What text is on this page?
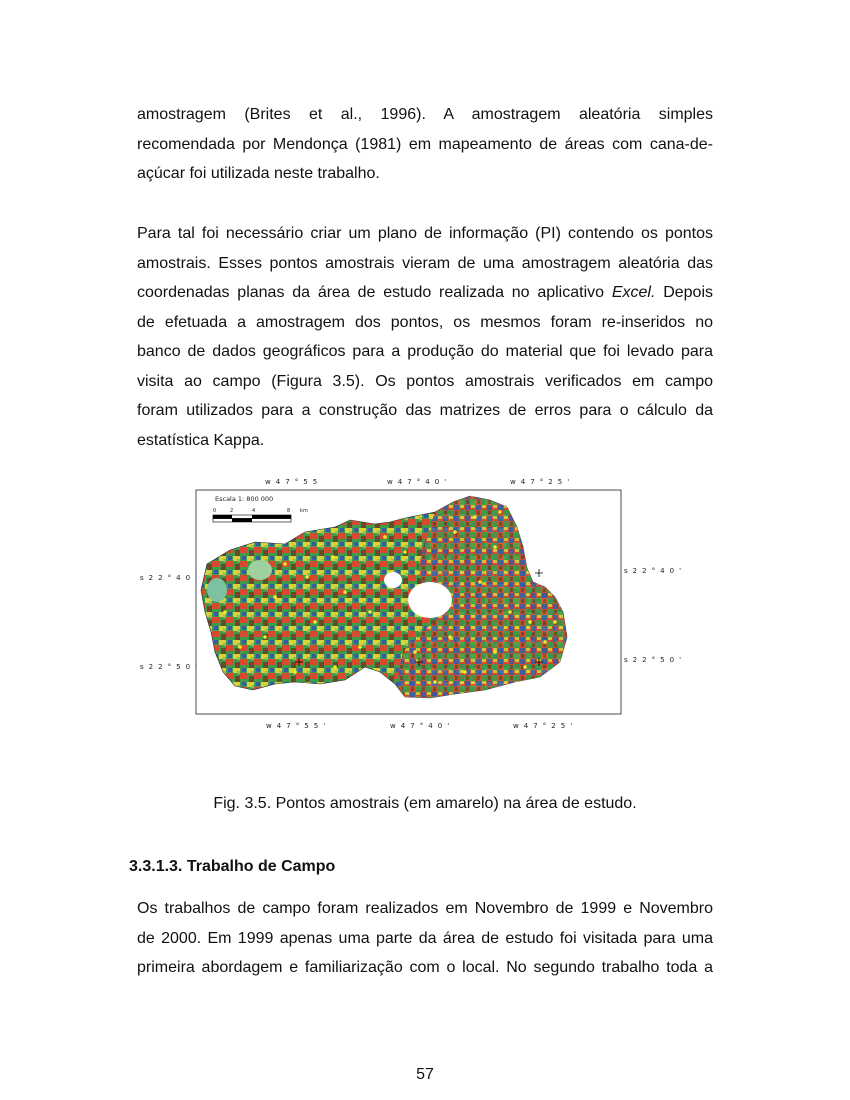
amostragem (Brites et al., 1996). A amostragem aleatória simples
recomendada por Mendonça (1981) em mapeamento de áreas com cana-de-
açúcar foi utilizada neste trabalho.
Para tal foi necessário criar um plano de informação (PI) contendo os pontos
amostrais. Esses pontos amostrais vieram de uma amostragem aleatória das
coordenadas planas da área de estudo realizada no aplicativo Excel. Depois
de efetuada a amostragem dos pontos, os mesmos foram re-inseridos no
banco de dados geográficos para a produção do material que foi levado para
visita ao campo (Figura 3.5). Os pontos amostrais verificados em campo
foram utilizados para a construção das matrizes de erros para o cálculo da
estatística Kappa.
w 4 7 ° 5 5	w 4 7 ° 4 0 '	w 4 7 ° 2 5 '
w 4 7 ° 5 5 '	w 4 7 ° 4 0 '	w 4 7 ° 2 5 '
s 2 2 ° 4 0 '
s 2 2 ° 5 0 '
s 2 2 ° 4 0 '
s 2 2 ° 5 0 '
Escala 1: 800 000
0	2	4	8 km
Fig. 3.5. Pontos amostrais (em amarelo) na área de estudo.
3.3.1.3. Trabalho de Campo
Os trabalhos de campo foram realizados em Novembro de 1999 e Novembro
de 2000. Em 1999 apenas uma parte da área de estudo foi visitada para uma
primeira abordagem e familiarização com o local. No segundo trabalho toda a
57
